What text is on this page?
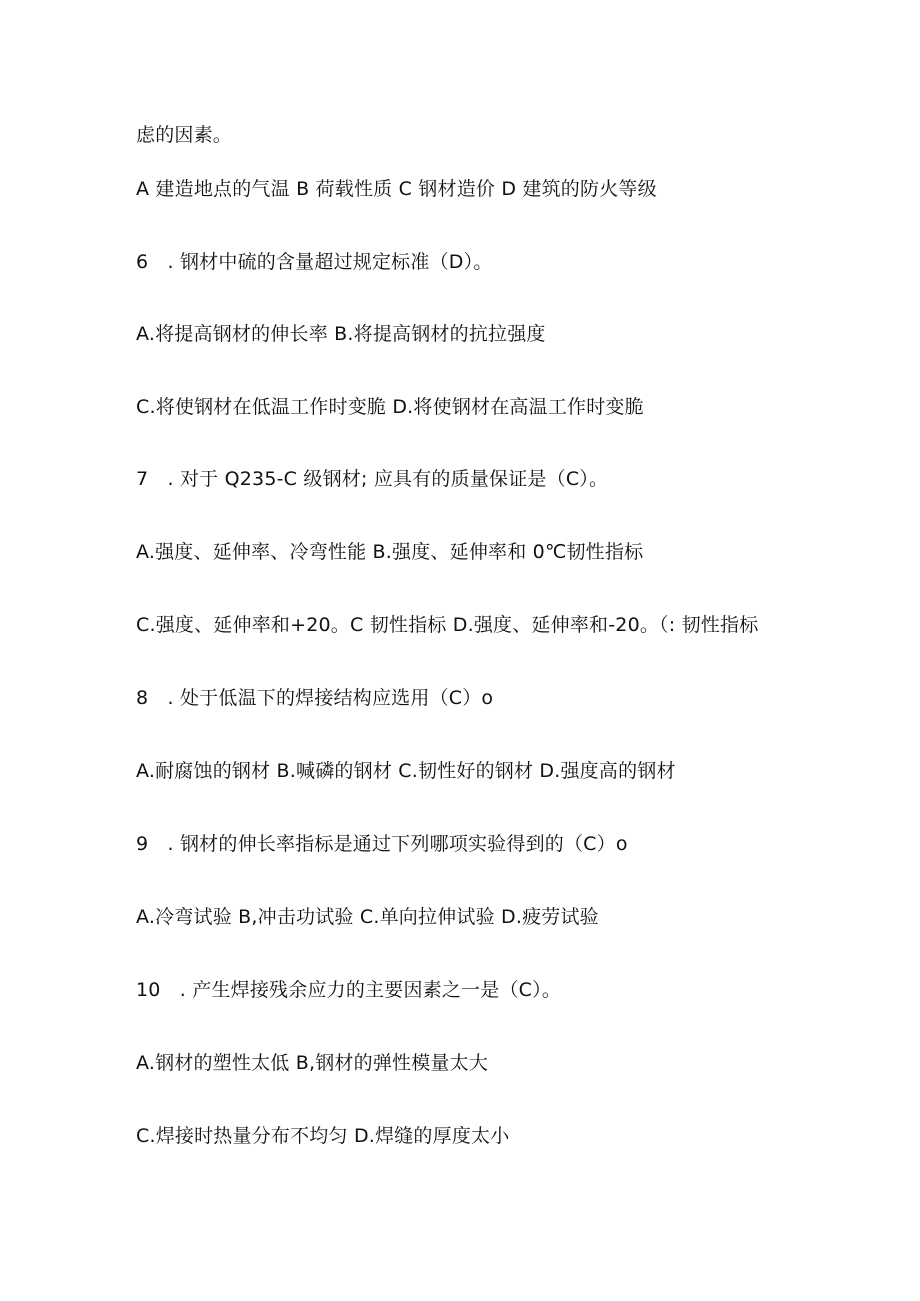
虑的因素。
A 建造地点的气温 B 荷载性质 C 钢材造价 D 建筑的防火等级
6　. 钢材中硫的含量超过规定标准（D）。
A.将提高钢材的伸长率 B.将提高钢材的抗拉强度
C.将使钢材在低温工作时变脆 D.将使钢材在高温工作时变脆
7　. 对于 Q235-C 级钢材; 应具有的质量保证是（C）。
A.强度、延伸率、冷弯性能 B.强度、延伸率和 0℃韧性指标
C.强度、延伸率和+20。C 韧性指标 D.强度、延伸率和-20。（: 韧性指标
8　. 处于低温下的焊接结构应选用（C）o
A.耐腐蚀的钢材 B.喊磷的钢材 C.韧性好的钢材 D.强度高的钢材
9　. 钢材的伸长率指标是通过下列哪项实验得到的（C）o
A.冷弯试验 B,冲击功试验 C.单向拉伸试验 D.疲劳试验
10　. 产生焊接残余应力的主要因素之一是（C）。
A.钢材的塑性太低 B,钢材的弹性模量太大
C.焊接时热量分布不均匀 D.焊缝的厚度太小
